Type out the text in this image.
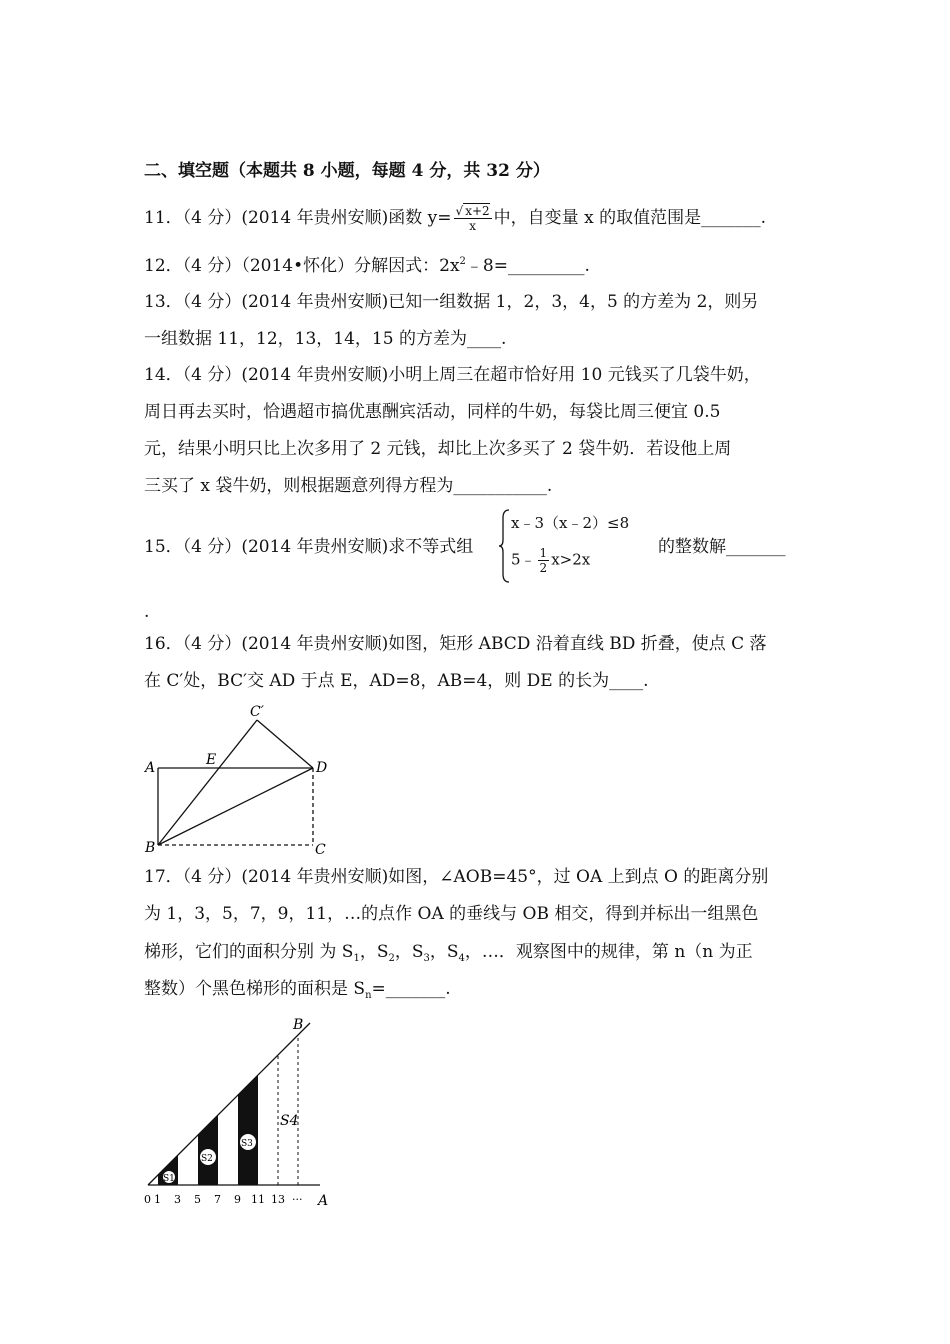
二、填空题（本题共 8 小题，每题 4 分，共 32 分）
11．（4 分）(2014 年贵州安顺)函数 $y= \frac{√ x+2}{x}$ 中，自变量 x 的取值范围是_______.
12．（4 分）（2014•怀化）分解因式：$2x^2﹣8=\_\_\_\_\_\_\_\_\_$.
13．（4 分）(2014 年贵州安顺)已知一组数据 1，2，3，4，5 的方差为 2，则另
一组数据 11，12，13，14，15 的方差为____.
14．（4 分）(2014 年贵州安顺)小明上周三在超市恰好用 10 元钱买了几袋牛奶，
周日再去买时，恰遇超市搞优惠酬宾活动，同样的牛奶，每袋比周三便宜 0.5
元，结果小明只比上次多用了 2 元钱，却比上次多买了 2 袋牛奶．若设他上周
三买了 x 袋牛奶，则根据题意列得方程为___________.
15．（4 分）(2014 年贵州安顺)求不等式组
x﹣3（x﹣2）≤8
5﹣ $\frac{1}{2} x>2x$
的整数解_______
.
16．（4 分）(2014 年贵州安顺)如图，矩形 ABCD 沿着直线 BD 折叠，使点 C 落
在 C′处，BC′交 AD 于点 E，AD=8，AB=4，则 DE 的长为____.
A
B	C
D
E
C′
17．（4 分）(2014 年贵州安顺)如图，∠AOB=45°，过 OA 上到点 O 的距离分别
为 1，3，5，7，9，11，…的点作 OA 的垂线与 OB 相交，得到并标出一组黑色
梯形，它们的面积分别 为 $S_1$，$S_2$，$S_3$，$S_4$，…．观察图中的规律，第 n（n 为正
整数）个黑色梯形的面积是 $S_n=\_\_\_\_\_\_\_$.
S1
S2
S3
S4
B
A
0 1 3 5 7 9 11 13 ···
